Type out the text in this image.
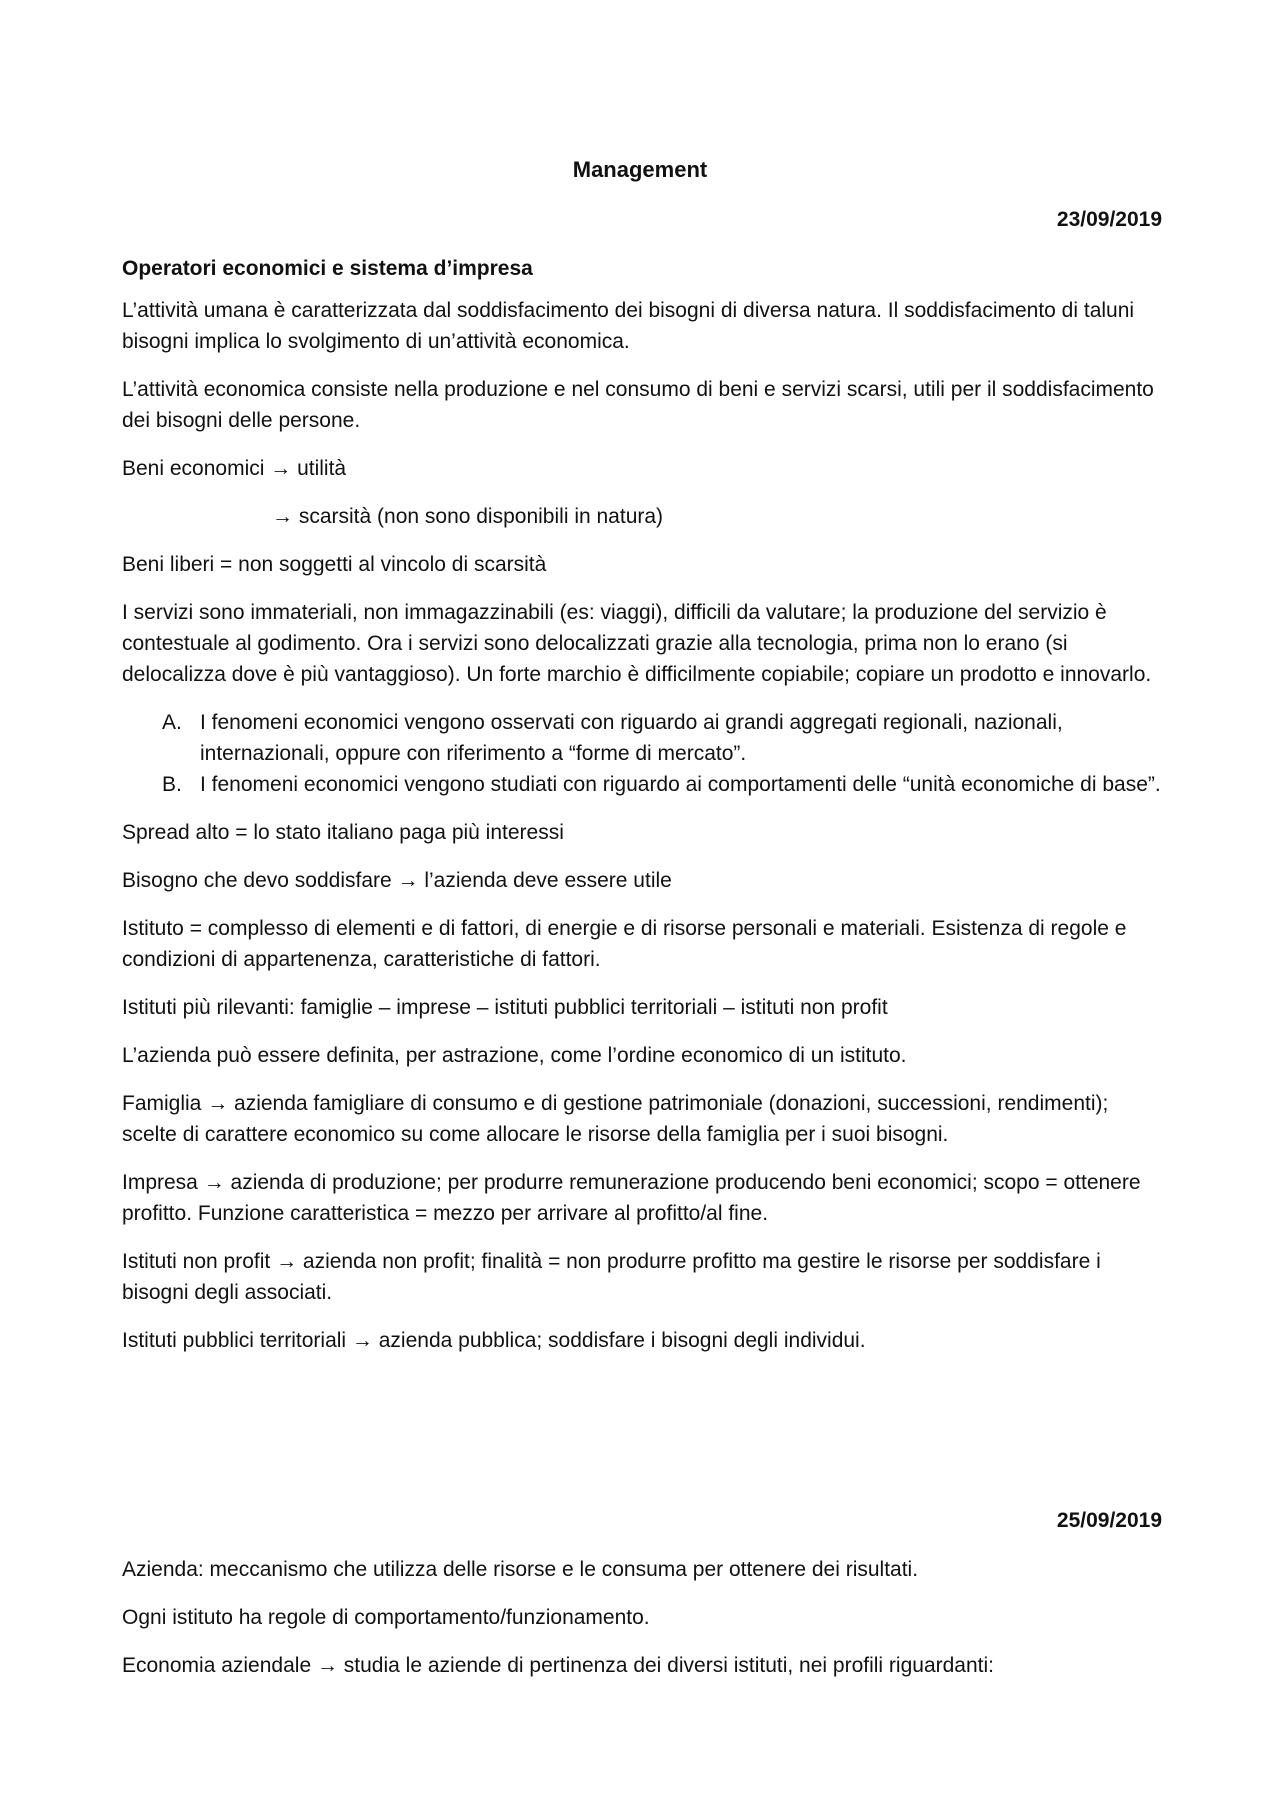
Management
23/09/2019
Operatori economici e sistema d’impresa

L’attività umana è caratterizzata dal soddisfacimento dei bisogni di diversa natura. Il soddisfacimento di taluni bisogni implica lo svolgimento di un’attività economica.

L’attività economica consiste nella produzione e nel consumo di beni e servizi scarsi, utili per il soddisfacimento dei bisogni delle persone.

Beni economici → utilità

→ scarsità (non sono disponibili in natura)

Beni liberi = non soggetti al vincolo di scarsità

I servizi sono immateriali, non immagazzinabili (es: viaggi), difficili da valutare; la produzione del servizio è contestuale al godimento. Ora i servizi sono delocalizzati grazie alla tecnologia, prima non lo erano (si delocalizza dove è più vantaggioso). Un forte marchio è difficilmente copiabile; copiare un prodotto e innovarlo.

A. I fenomeni economici vengono osservati con riguardo ai grandi aggregati regionali, nazionali, internazionali, oppure con riferimento a “forme di mercato”.
B. I fenomeni economici vengono studiati con riguardo ai comportamenti delle “unità economiche di base”.

Spread alto = lo stato italiano paga più interessi

Bisogno che devo soddisfare → l’azienda deve essere utile

Istituto = complesso di elementi e di fattori, di energie e di risorse personali e materiali. Esistenza di regole e condizioni di appartenenza, caratteristiche di fattori.

Istituti più rilevanti: famiglie – imprese – istituti pubblici territoriali – istituti non profit

L’azienda può essere definita, per astrazione, come l’ordine economico di un istituto.

Famiglia → azienda famigliare di consumo e di gestione patrimoniale (donazioni, successioni, rendimenti); scelte di carattere economico su come allocare le risorse della famiglia per i suoi bisogni.

Impresa → azienda di produzione; per produrre remunerazione producendo beni economici; scopo = ottenere profitto. Funzione caratteristica = mezzo per arrivare al profitto/al fine.

Istituti non profit → azienda non profit; finalità = non produrre profitto ma gestire le risorse per soddisfare i bisogni degli associati.

Istituti pubblici territoriali → azienda pubblica; soddisfare i bisogni degli individui.

25/09/2019

Azienda: meccanismo che utilizza delle risorse e le consuma per ottenere dei risultati.

Ogni istituto ha regole di comportamento/funzionamento.

Economia aziendale → studia le aziende di pertinenza dei diversi istituti, nei profili riguardanti:
